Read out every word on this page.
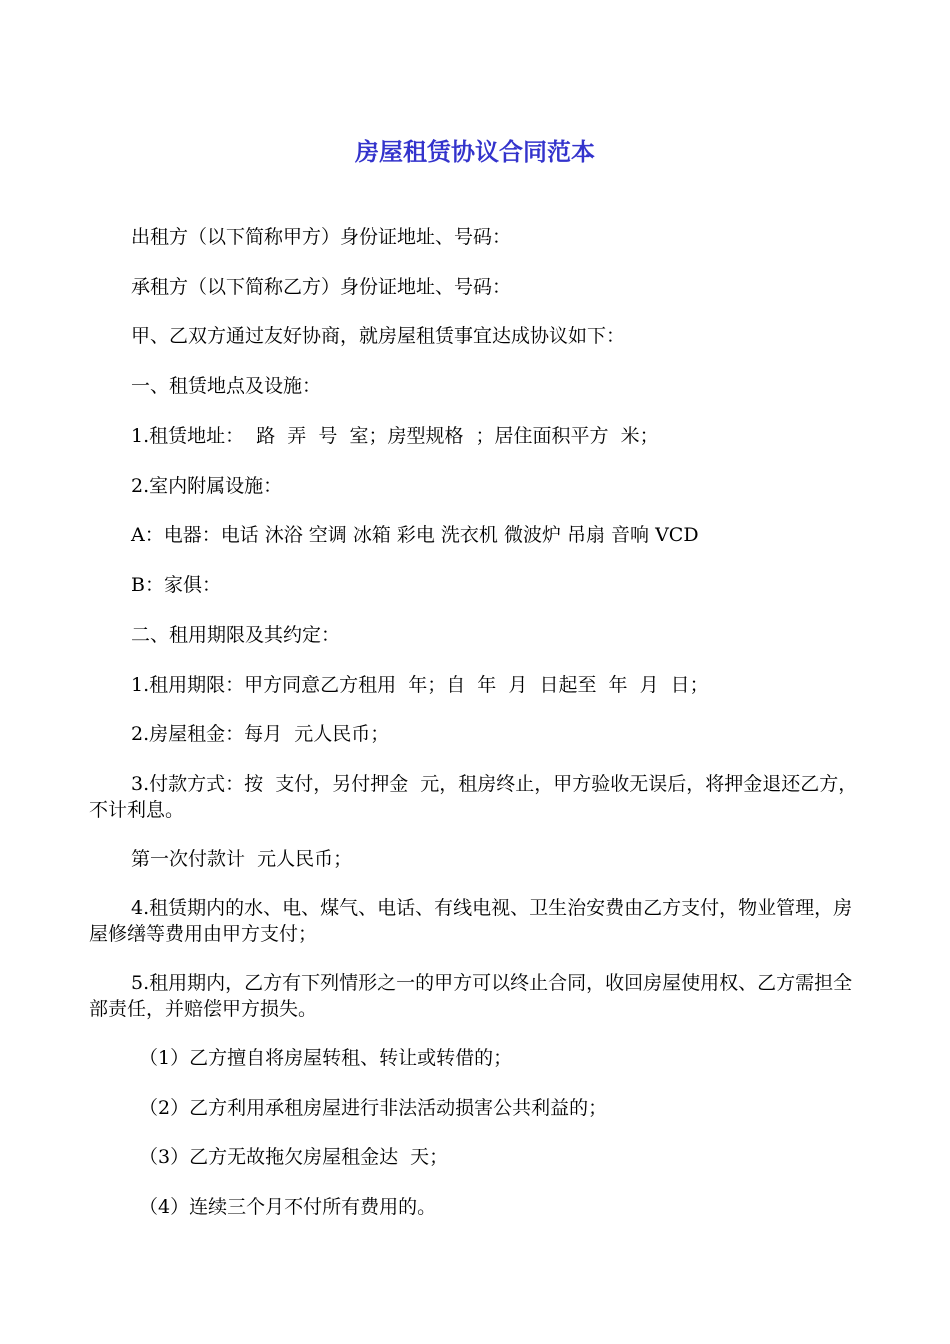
房屋租赁协议合同范本
出租方（以下简称甲方）身份证地址、号码：
承租方（以下简称乙方）身份证地址、号码：
甲、乙双方通过友好协商，就房屋租赁事宜达成协议如下：
一、租赁地点及设施：
1.租赁地址：  路  弄  号  室；房型规格  ；居住面积平方  米；
2.室内附属设施：
A：电器：电话 沐浴 空调 冰箱 彩电 洗衣机 微波炉 吊扇 音响 VCD
B：家俱：
二、租用期限及其约定：
1.租用期限：甲方同意乙方租用  年；自  年  月  日起至  年  月  日；
2.房屋租金：每月  元人民币；
3.付款方式：按  支付，另付押金  元，租房终止，甲方验收无误后，将押金退还乙方，不计利息。
第一次付款计  元人民币；
4.租赁期内的水、电、煤气、电话、有线电视、卫生治安费由乙方支付，物业管理，房屋修缮等费用由甲方支付；
5.租用期内，乙方有下列情形之一的甲方可以终止合同，收回房屋使用权、乙方需担全部责任，并赔偿甲方损失。
（1）乙方擅自将房屋转租、转让或转借的；
（2）乙方利用承租房屋进行非法活动损害公共利益的；
（3）乙方无故拖欠房屋租金达  天；
（4）连续三个月不付所有费用的。
